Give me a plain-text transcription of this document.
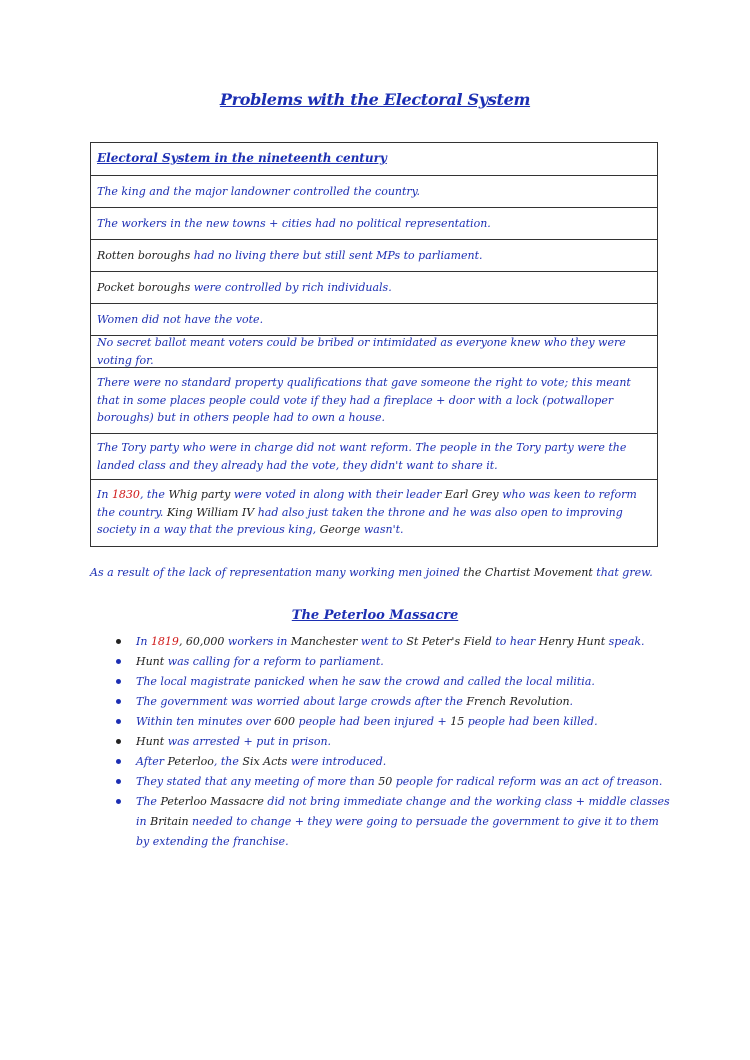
Problems with the Electoral System
Electoral System in the nineteenth century
The king and the major landowner controlled the country.
The workers in the new towns + cities had no political representation.
Rotten boroughs had no living there but still sent MPs to parliament.
Pocket boroughs were controlled by rich individuals.
Women did not have the vote.
No secret ballot meant voters could be bribed or intimidated as everyone knew who they were voting for.
There were no standard property qualifications that gave someone the right to vote; this meant that in some places people could vote if they had a fireplace + door with a lock (potwalloper boroughs) but in others people had to own a house.
The Tory party who were in charge did not want reform. The people in the Tory party were the landed class and they already had the vote, they didn't want to share it.
In 1830, the Whig party were voted in along with their leader Earl Grey who was keen to reform the country. King William IV had also just taken the throne and he was also open to improving society in a way that the previous king, George wasn't.
As a result of the lack of representation many working men joined the Chartist Movement that grew.
The Peterloo Massacre
In 1819, 60,000 workers in Manchester went to St Peter's Field to hear Henry Hunt speak.
Hunt was calling for a reform to parliament.
The local magistrate panicked when he saw the crowd and called the local militia.
The government was worried about large crowds after the French Revolution.
Within ten minutes over 600 people had been injured + 15 people had been killed.
Hunt was arrested + put in prison.
After Peterloo, the Six Acts were introduced.
They stated that any meeting of more than 50 people for radical reform was an act of treason.
The Peterloo Massacre did not bring immediate change and the working class + middle classes in Britain needed to change + they were going to persuade the government to give it to them by extending the franchise.
